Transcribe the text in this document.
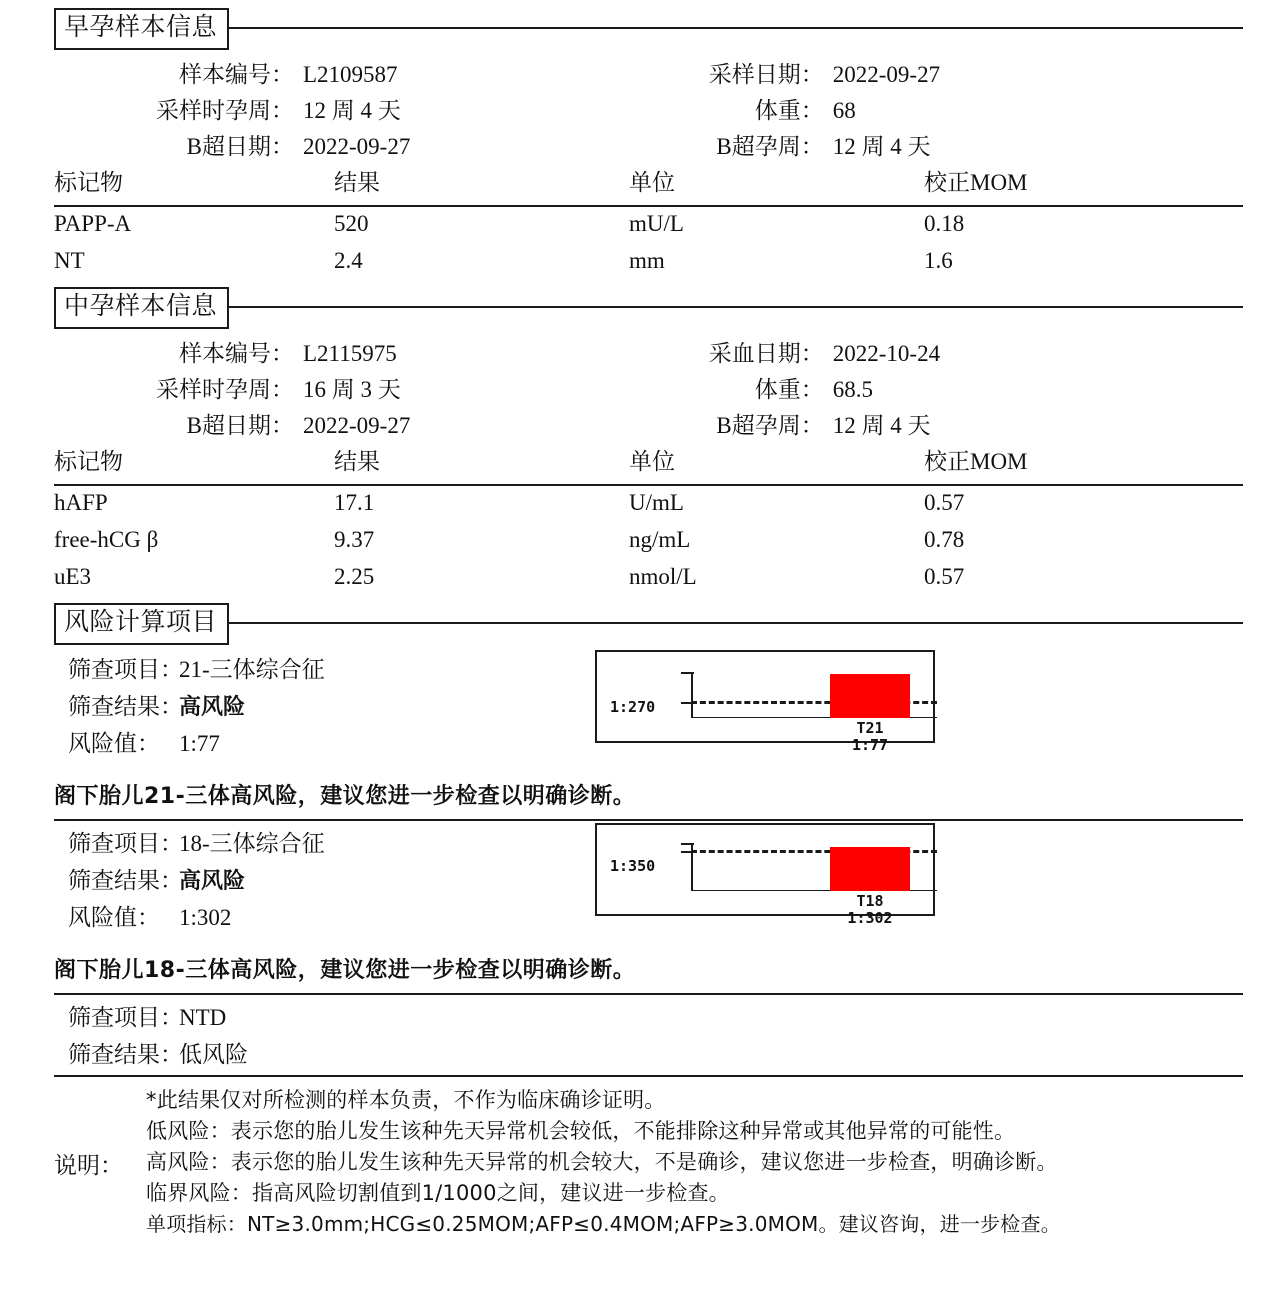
早孕样本信息
样本编号： L2109587	采样日期： 2022-09-27
采样时孕周： 12 周 4 天	体重： 68
B超日期： 2022-09-27	B超孕周： 12 周 4 天
标记物	结果	单位	校正MOM
PAPP-A	520	mU/L	0.18
NT	2.4	mm	1.6
中孕样本信息
样本编号： L2115975	采血日期： 2022-10-24
采样时孕周： 16 周 3 天	体重： 68.5
B超日期： 2022-09-27	B超孕周： 12 周 4 天
标记物	结果	单位	校正MOM
hAFP	17.1	U/mL	0.57
free-hCG β	9.37	ng/mL	0.78
uE3	2.25	nmol/L	0.57
风险计算项目
筛查项目：
21-三体综合征
筛查结果：
高风险
风险值： 1:77
1:270
T21
1:77
阁下胎儿21-三体高风险，建议您进一步检查以明确诊断。
筛查项目：
18-三体综合征
筛查结果：
高风险
风险值： 1:302
1:350
T18
1:302
阁下胎儿18-三体高风险，建议您进一步检查以明确诊断。
筛查项目：
NTD
筛查结果：
低风险
说明：
*此结果仅对所检测的样本负责，不作为临床确诊证明。
低风险：表示您的胎儿发生该种先天异常机会较低，不能排除这种异常或其他异常的可能性。
高风险：表示您的胎儿发生该种先天异常的机会较大，不是确诊，建议您进一步检查，明确诊断。
临界风险：指高风险切割值到1/1000之间，建议进一步检查。
单项指标：NT≥3.0mm;HCG≤0.25MOM;AFP≤0.4MOM;AFP≥3.0MOM。建议咨询，进一步检查。
